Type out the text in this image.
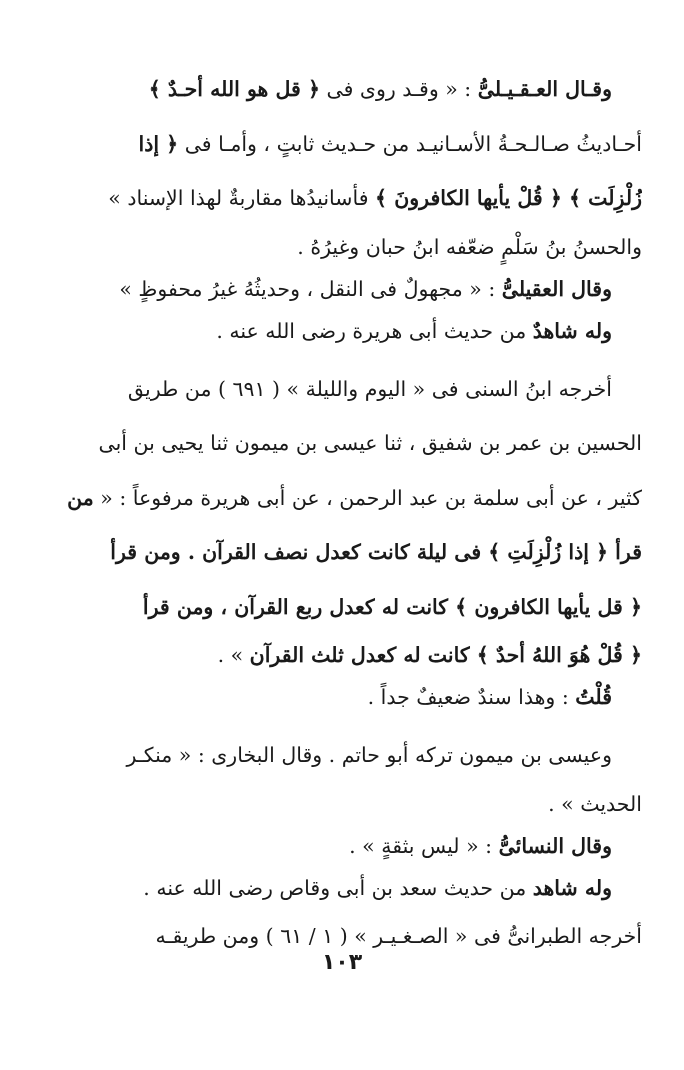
وقـال العـقـيـلىُّ : « وقـد روى فى ﴿ قل هو الله أحـدٌ ﴾
أحـاديثُ صـالـحـةُ الأسـانيـد من حـديث ثابتٍ ، وأمـا فى ﴿ إذا
زُلْزِلَت ﴾ ﴿ قُلْ يأيها الكافرونَ ﴾ فأسانيدُها مقاربةٌ لهذا الإسناد »
والحسنُ بنُ سَلْمٍ ضعّفه ابنُ حبان وغيرُهُ .
وقال العقيلىُّ : « مجهولٌ فى النقل ، وحديثُهُ غيرُ محفوظٍ »
وله شاهدٌ من حديث أبى هريرة رضى الله عنه .
أخرجه ابنُ السنى فى « اليوم والليلة » ( ٦٩١ ) من طريق
الحسين بن عمر بن شفيق ، ثنا عيسى بن ميمون ثنا يحيى بن أبى
كثير ، عن أبى سلمة بن عبد الرحمن ، عن أبى هريرة مرفوعاً : « من
قرأ ﴿ إذا زُلْزِلَتِ ﴾ فى ليلة كانت كعدل نصف القرآن . ومن قرأ
﴿ قل يأيها الكافرون ﴾ كانت له كعدل ربع القرآن ، ومن قرأ
﴿ قُلْ هُوَ اللهُ أحدٌ ﴾ كانت له كعدل ثلث القرآن » .
قُلْتُ : وهذا سندٌ ضعيفٌ جداً .
وعيسى بن ميمون تركه أبو حاتم . وقال البخارى : « منكـر
الحديث » .
وقال النسائىُّ : « ليس بثقةٍ » .
وله شاهد من حديث سعد بن أبى وقاص رضى الله عنه .
أخرجه الطبرانىُّ فى « الصـغـيـر » ( ١ / ٦١ ) ومن طريقـه
١٠٣
